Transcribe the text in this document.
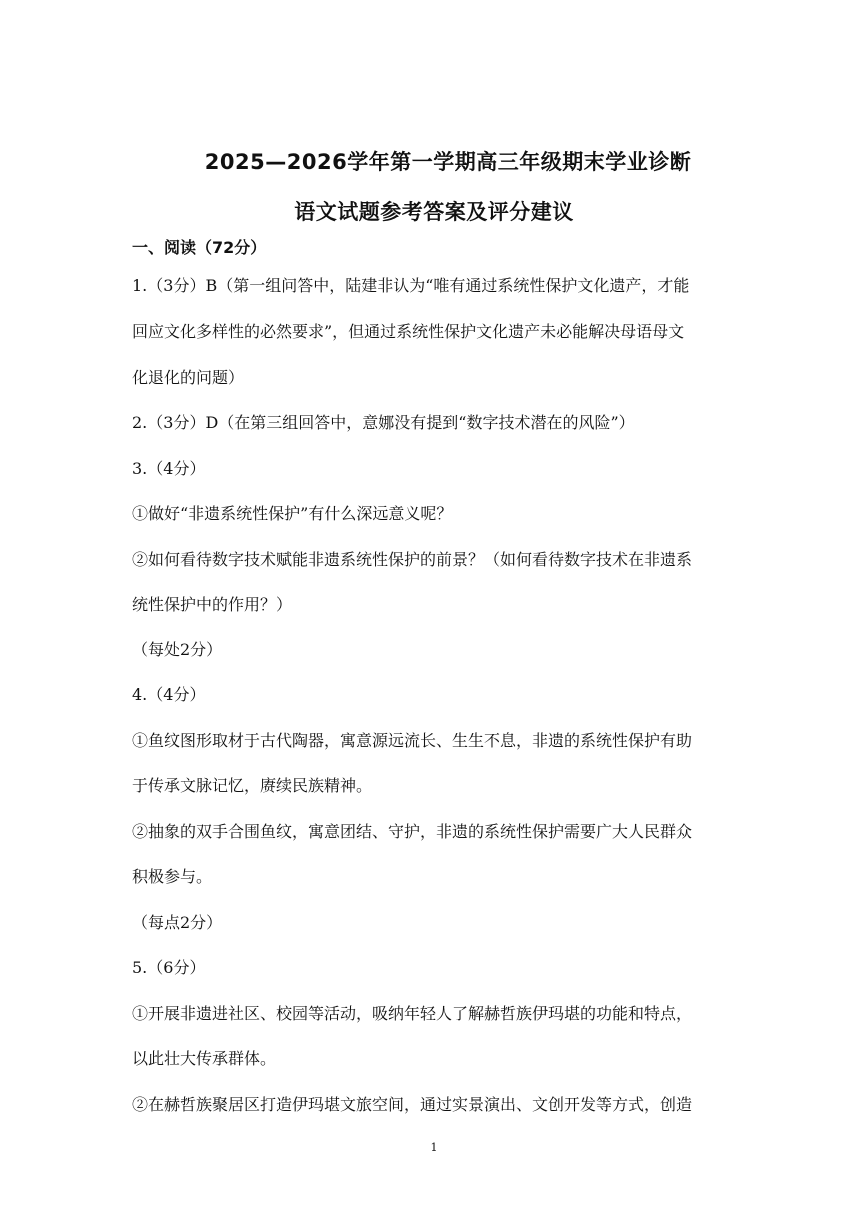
2025—2026学年第一学期高三年级期末学业诊断
语文试题参考答案及评分建议
一、阅读（72分）
1.（3分）B（第一组问答中，陆建非认为“唯有通过系统性保护文化遗产，才能
回应文化多样性的必然要求”，但通过系统性保护文化遗产未必能解决母语母文
化退化的问题）
2.（3分）D（在第三组回答中，意娜没有提到“数字技术潜在的风险”）
3.（4分）
①做好“非遗系统性保护”有什么深远意义呢？
②如何看待数字技术赋能非遗系统性保护的前景？（如何看待数字技术在非遗系
统性保护中的作用？）
（每处2分）
4.（4分）
①鱼纹图形取材于古代陶器，寓意源远流长、生生不息，非遗的系统性保护有助
于传承文脉记忆，赓续民族精神。
②抽象的双手合围鱼纹，寓意团结、守护，非遗的系统性保护需要广大人民群众
积极参与。
（每点2分）
5.（6分）
①开展非遗进社区、校园等活动，吸纳年轻人了解赫哲族伊玛堪的功能和特点，
以此壮大传承群体。
②在赫哲族聚居区打造伊玛堪文旅空间，通过实景演出、文创开发等方式，创造
1
